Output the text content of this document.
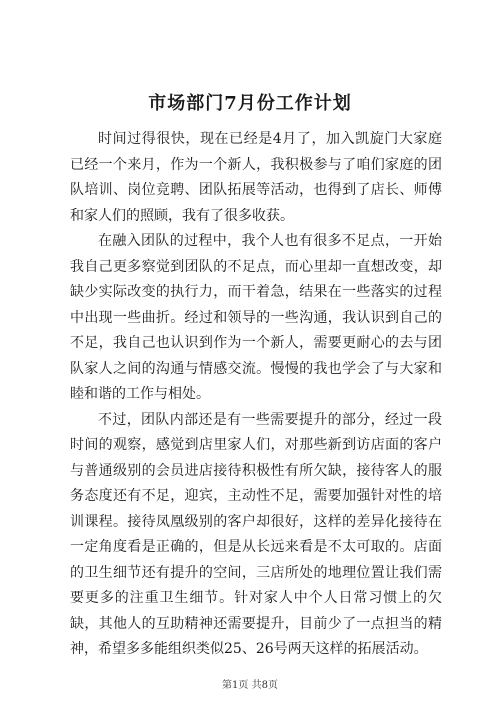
市场部门7月份工作计划

时间过得很快，现在已经是4月了，加入凯旋门大家庭已经一个来月，作为一个新人，我积极参与了咱们家庭的团队培训、岗位竞聘、团队拓展等活动，也得到了店长、师傅和家人们的照顾，我有了很多收获。

在融入团队的过程中，我个人也有很多不足点，一开始我自己更多察觉到团队的不足点，而心里却一直想改变，却缺少实际改变的执行力，而干着急，结果在一些落实的过程中出现一些曲折。经过和领导的一些沟通，我认识到自己的不足，我自己也认识到作为一个新人，需要更耐心的去与团队家人之间的沟通与情感交流。慢慢的我也学会了与大家和睦和谐的工作与相处。

不过，团队内部还是有一些需要提升的部分，经过一段时间的观察，感觉到店里家人们，对那些新到访店面的客户与普通级别的会员进店接待积极性有所欠缺，接待客人的服务态度还有不足，迎宾，主动性不足，需要加强针对性的培训课程。接待凤凰级别的客户却很好，这样的差异化接待在一定角度看是正确的，但是从长远来看是不太可取的。店面的卫生细节还有提升的空间，三店所处的地理位置让我们需要更多的注重卫生细节。针对家人中个人日常习惯上的欠缺，其他人的互助精神还需要提升，目前少了一点担当的精神，希望多多能组织类似25、26号两天这样的拓展活动。

第1页 共8页
